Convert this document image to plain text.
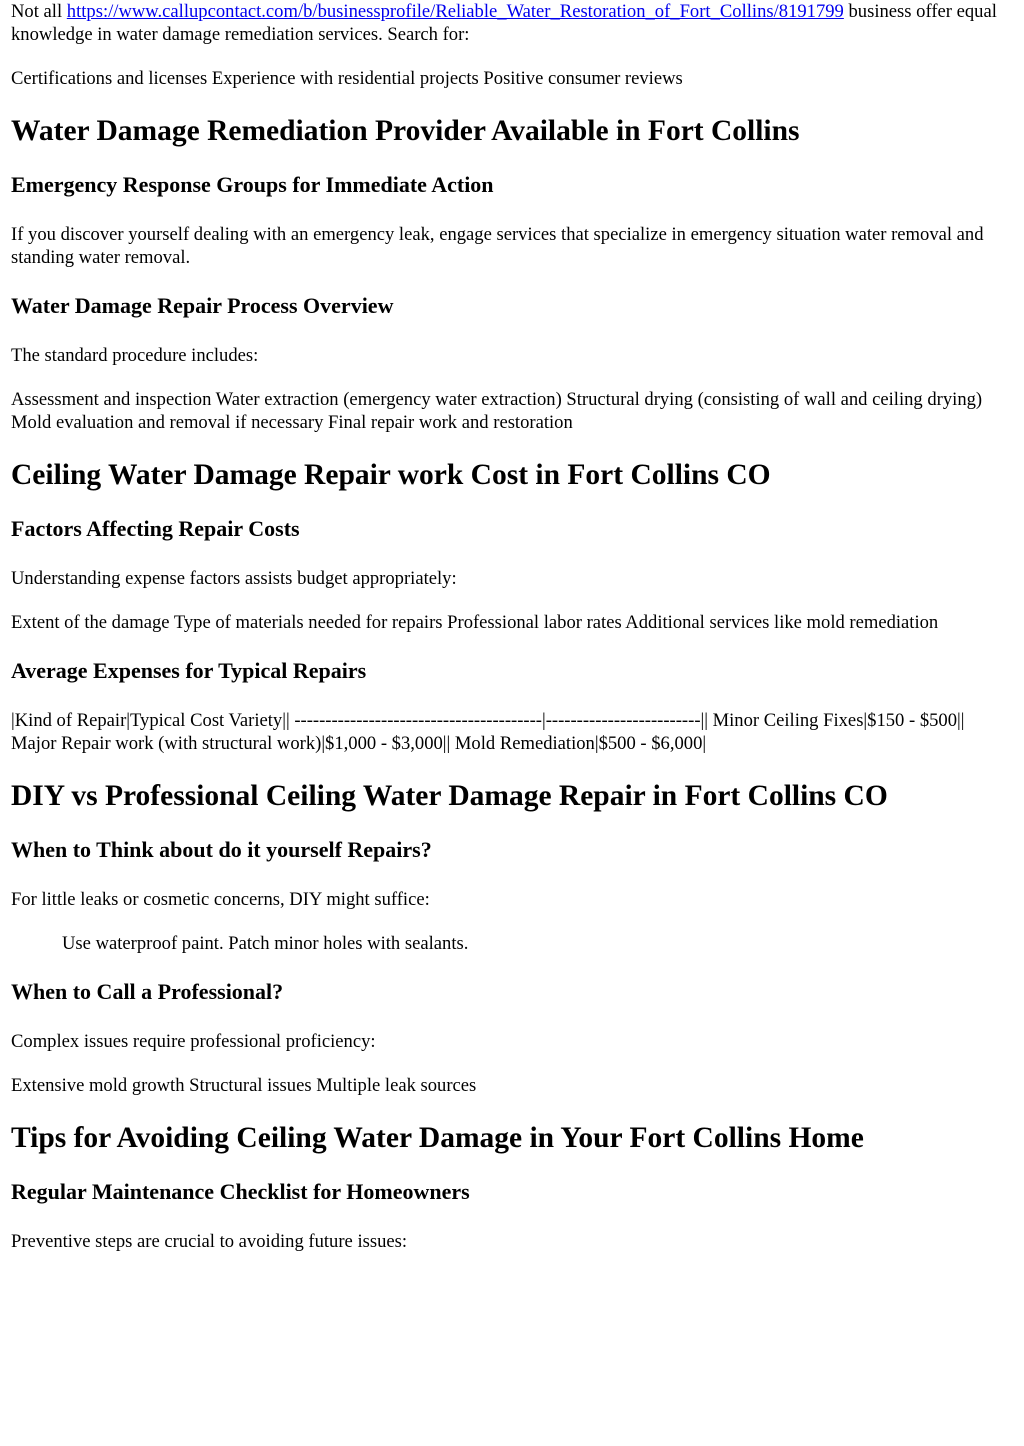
Not all https://www.callupcontact.com/b/businessprofile/Reliable_Water_Restoration_of_Fort_Collins/8191799 business offer equal knowledge in water damage remediation services. Search for:

Certifications and licenses Experience with residential projects Positive consumer reviews

Water Damage Remediation Provider Available in Fort Collins
Emergency Response Groups for Immediate Action

If you discover yourself dealing with an emergency leak, engage services that specialize in emergency situation water removal and standing water removal.

Water Damage Repair Process Overview

The standard procedure includes:

Assessment and inspection Water extraction (emergency water extraction) Structural drying (consisting of wall and ceiling drying) Mold evaluation and removal if necessary Final repair work and restoration

Ceiling Water Damage Repair work Cost in Fort Collins CO
Factors Affecting Repair Costs

Understanding expense factors assists budget appropriately:

Extent of the damage Type of materials needed for repairs Professional labor rates Additional services like mold remediation

Average Expenses for Typical Repairs

|Kind of Repair|Typical Cost Variety|| ----------------------------------------|-------------------------|| Minor Ceiling Fixes|$150 - $500|| Major Repair work (with structural work)|$1,000 - $3,000|| Mold Remediation|$500 - $6,000|

DIY vs Professional Ceiling Water Damage Repair in Fort Collins CO
When to Think about do it yourself Repairs?

For little leaks or cosmetic concerns, DIY might suffice:

Use waterproof paint. Patch minor holes with sealants.

When to Call a Professional?

Complex issues require professional proficiency:

Extensive mold growth Structural issues Multiple leak sources

Tips for Avoiding Ceiling Water Damage in Your Fort Collins Home
Regular Maintenance Checklist for Homeowners

Preventive steps are crucial to avoiding future issues:
